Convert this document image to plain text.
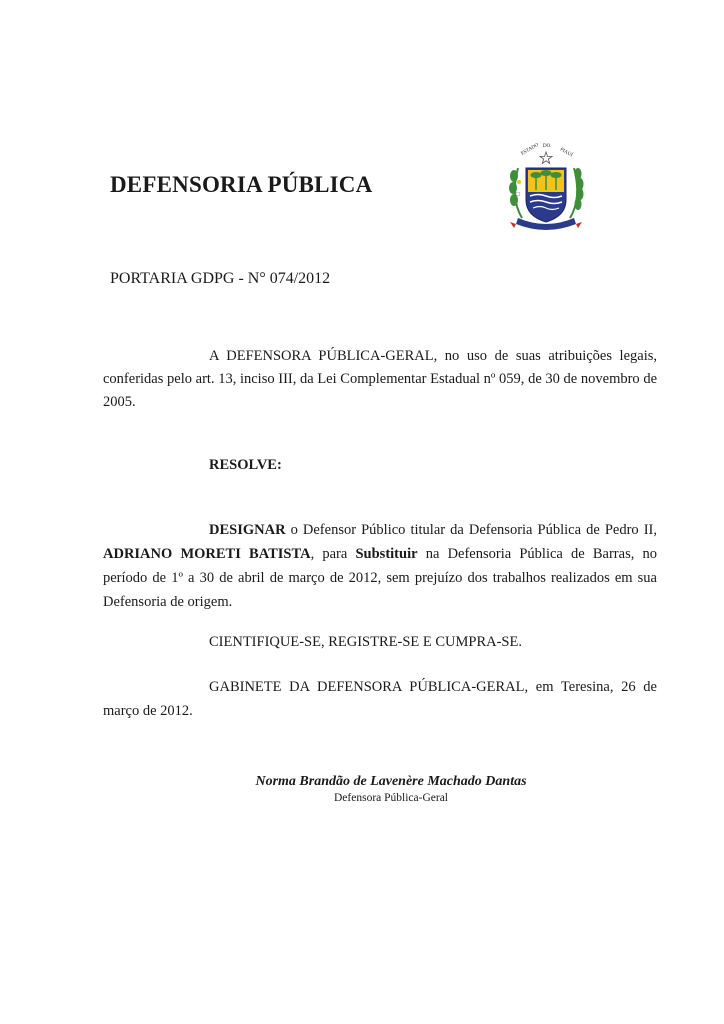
DEFENSORIA PÚBLICA
ESTADO DO
PIAUÍ

PORTARIA GDPG - N° 074/2012

A DEFENSORA PÚBLICA-GERAL, no uso de suas atribuições legais, conferidas pelo art. 13, inciso III, da Lei Complementar Estadual nº 059, de 30 de novembro de 2005.

RESOLVE:

DESIGNAR o Defensor Público titular da Defensoria Pública de Pedro II, ADRIANO MORETI BATISTA, para Substituir na Defensoria Pública de Barras, no período de 1º a 30 de abril de março de 2012, sem prejuízo dos trabalhos realizados em sua Defensoria de origem.

CIENTIFIQUE-SE, REGISTRE-SE E CUMPRA-SE.

GABINETE DA DEFENSORA PÚBLICA-GERAL, em Teresina, 26 de março de 2012.

Norma Brandão de Lavenère Machado Dantas

Defensora Pública-Geral
